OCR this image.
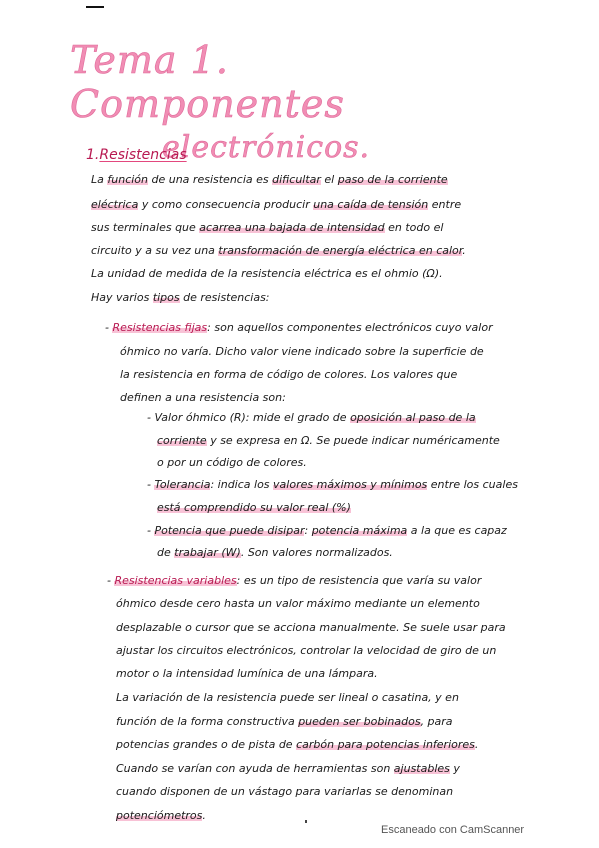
Tema 1. Componentes
electrónicos.
1.Resistencias
La función de una resistencia es dificultar el paso de la corriente
eléctrica y como consecuencia producir una caída de tensión entre
sus terminales que acarrea una bajada de intensidad en todo el
circuito y a su vez una transformación de energía eléctrica en calor.
La unidad de medida de la resistencia eléctrica es el ohmio (Ω).
Hay varios tipos de resistencias:
- Resistencias fijas: son aquellos componentes electrónicos cuyo valor
óhmico no varía. Dicho valor viene indicado sobre la superficie de
la resistencia en forma de código de colores. Los valores que
definen a una resistencia son:
- Valor óhmico (R): mide el grado de oposición al paso de la
corriente y se expresa en Ω. Se puede indicar numéricamente
o por un código de colores.
- Tolerancia: indica los valores máximos y mínimos entre los cuales
está comprendido su valor real (%)
- Potencia que puede disipar: potencia máxima a la que es capaz
de trabajar (W). Son valores normalizados.
- Resistencias variables: es un tipo de resistencia que varía su valor
óhmico desde cero hasta un valor máximo mediante un elemento
desplazable o cursor que se acciona manualmente. Se suele usar para
ajustar los circuitos electrónicos, controlar la velocidad de giro de un
motor o la intensidad lumínica de una lámpara.
La variación de la resistencia puede ser lineal o casatina, y en
función de la forma constructiva pueden ser bobinados, para
potencias grandes o de pista de carbón para potencias inferiores.
Cuando se varían con ayuda de herramientas son ajustables y
cuando disponen de un vástago para variarlas se denominan
potenciómetros.
Escaneado con CamScanner
